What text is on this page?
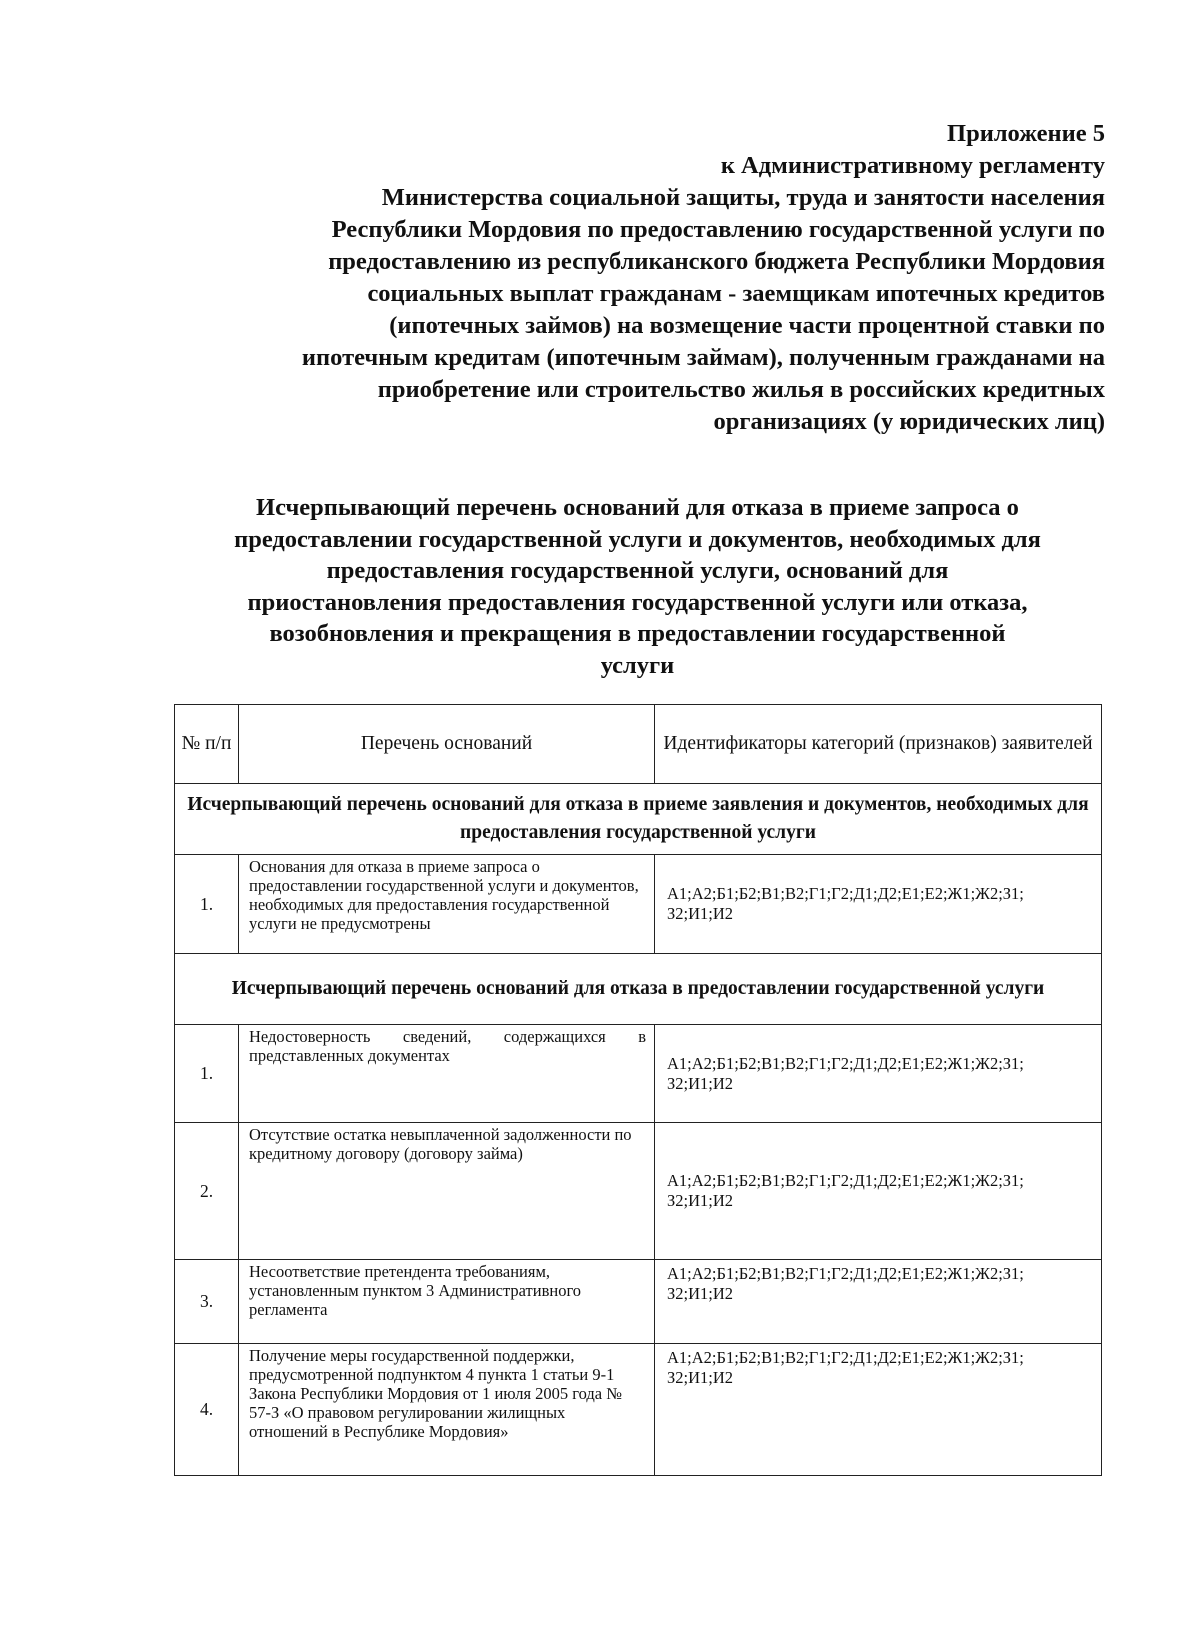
Приложение 5
к Административному регламенту
Министерства социальной защиты, труда и занятости населения
Республики Мордовия по предоставлению государственной услуги по
предоставлению из республиканского бюджета Республики Мордовия
социальных выплат гражданам - заемщикам ипотечных кредитов
(ипотечных займов) на возмещение части процентной ставки по
ипотечным кредитам (ипотечным займам), полученным гражданами на
приобретение или строительство жилья в российских кредитных
организациях (у юридических лиц)
Исчерпывающий перечень оснований для отказа в приеме запроса о
предоставлении государственной услуги и документов, необходимых для
предоставления государственной услуги, оснований для
приостановления предоставления государственной услуги или отказа,
возобновления и прекращения в предоставлении государственной
услуги
№ п/п	Перечень оснований	Идентификаторы категорий (признаков) заявителей
Исчерпывающий перечень оснований для отказа в приеме заявления и документов, необходимых для предоставления государственной услуги		
1.	Основания для отказа в приеме запроса о предоставлении государственной услуги и документов, необходимых для предоставления государственной услуги не предусмотрены	А1;А2;Б1;Б2;В1;В2;Г1;Г2;Д1;Д2;Е1;Е2;Ж1;Ж2;З1;
З2;И1;И2

Исчерпывающий перечень оснований для отказа в предоставлении государственной услуги		
1.	Недостоверность сведений, содержащихся в представленных документах	А1;А2;Б1;Б2;В1;В2;Г1;Г2;Д1;Д2;Е1;Е2;Ж1;Ж2;З1;
З2;И1;И2

2.	Отсутствие остатка невыплаченной задолженности по кредитному договору (договору займа)	А1;А2;Б1;Б2;В1;В2;Г1;Г2;Д1;Д2;Е1;Е2;Ж1;Ж2;З1;
З2;И1;И2

3.	Несоответствие претендента требованиям, установленным пунктом 3 Административного регламента	А1;А2;Б1;Б2;В1;В2;Г1;Г2;Д1;Д2;Е1;Е2;Ж1;Ж2;З1;
З2;И1;И2

4.	Получение меры государственной поддержки, предусмотренной подпунктом 4 пункта 1 статьи 9-1 Закона Республики Мордовия от 1 июля 2005 года № 57-З «О правовом регулировании жилищных отношений в Республике Мордовия»	А1;А2;Б1;Б2;В1;В2;Г1;Г2;Д1;Д2;Е1;Е2;Ж1;Ж2;З1;
З2;И1;И2
